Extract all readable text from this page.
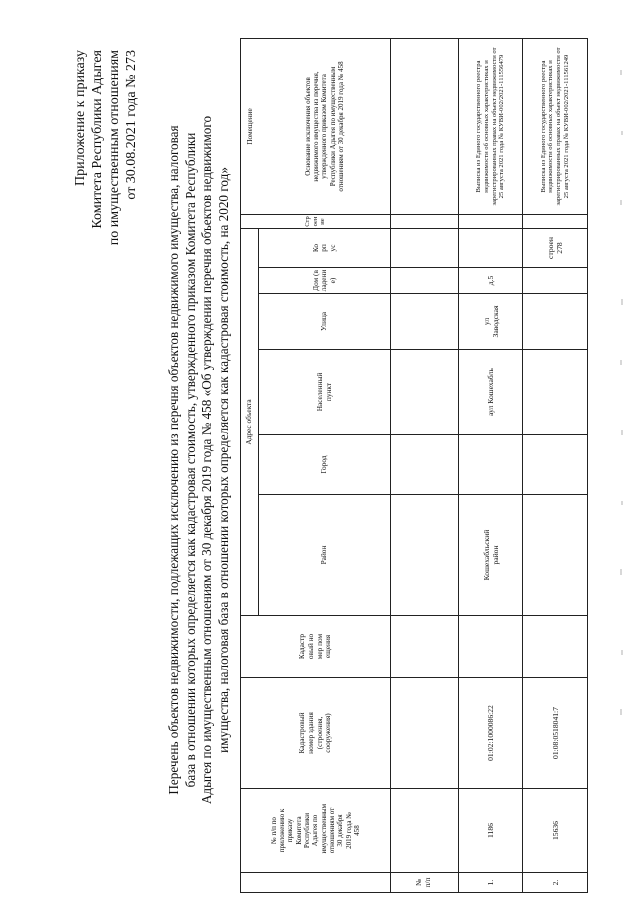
Приложение к приказу Комитета Республики Адыгея по имущественным отношениям от 30.08.2021 года № 273
Перечень объектов недвижимости, подлежащих исключению из перечня объектов недвижимого имущества, налоговая база в отношении которых определяется как кадастровая стоимость, утвержденного приказом Комитета Республики Адыгея по имущественным отношениям от 30 декабря 2019 года № 458 «Об утверждении перечня объектов недвижимого имущества, налоговая база в отношении которых определяется как кадастровая стоимость, на 2020 год»
№ п/п
№ п/п по приложению к приказу Комитета Республики Адыгея по имущественным отношениям от 30 декабря 2019 года № 458
Кадастровый номер здания (строения, сооружения)
Кадастровый номер помещения
Адрес объекта
Район
Город
Населенный пункт
Улица
Дом (владение)
Корпус
Строение
Помещение	Основание исключения объектов недвижимого имущества из перечня, утвержденного приказом Комитета Республики Адыгея по имущественным отношениям от 30 декабря 2019 года № 458
1.
1186
01:02:1000086:22
Кошехабльский район
аул Кошехабль
ул Заводская
д.5
Выписка из Единого государственного реестра недвижимости об основных характеристиках и зарегистрированных правах на объект недвижимости от 25 августа 2021 года № КУВИ-002/2021-111556479
2.
15636
01:08:0518041:7
строен 278
Выписка из Единого государственного реестра недвижимости об основных характеристиках и зарегистрированных правах на объект недвижимости от 25 августа 2021 года № КУВИ-002/2021-111561249
